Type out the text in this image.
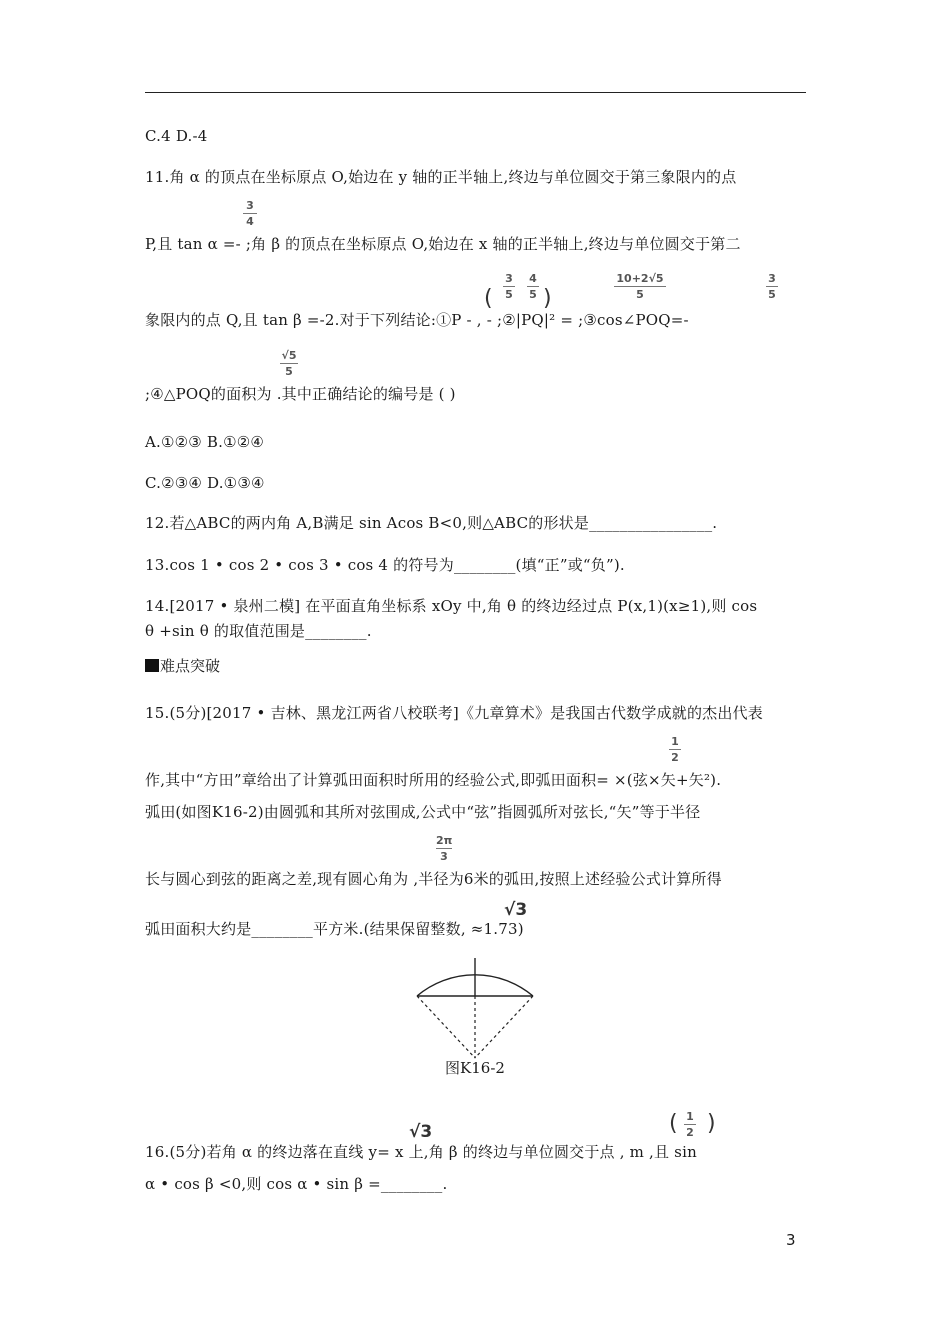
C.4 D.-4
11.角 α 的顶点在坐标原点 O,始边在 y 轴的正半轴上,终边与单位圆交于第三象限内的点
3
4
P,且 tan α =- ;角 β 的顶点在坐标原点 O,始边在 x 轴的正半轴上,终边与单位圆交于第二
(
3
5
4
5 )
10+2√5
5
3
5
象限内的点 Q,且 tan β =-2.对于下列结论:①P - , - ;②|PQ|² = ;③cos∠POQ=-
√5
5
;④△POQ的面积为 .其中正确结论的编号是 ( )
A.①②③ B.①②④
C.②③④ D.①③④
12.若△ABC的两内角 A,B满足 sin Acos B<0,则△ABC的形状是________________.
13.cos 1 • cos 2 • cos 3 • cos 4 的符号为________(填“正”或“负”).
14.[2017 • 泉州二模] 在平面直角坐标系 xOy 中,角 θ 的终边经过点 P(x,1)(x≥1),则 cos
θ +sin θ 的取值范围是________.
难点突破
15.(5分)[2017 • 吉林、黑龙江两省八校联考]《九章算术》是我国古代数学成就的杰出代表
1
2
作,其中“方田”章给出了计算弧田面积时所用的经验公式,即弧田面积= ×(弦×矢+矢²).
弧田(如图K16-2)由圆弧和其所对弦围成,公式中“弦”指圆弧所对弦长,“矢”等于半径
2π
3
长与圆心到弦的距离之差,现有圆心角为 ,半径为6米的弧田,按照上述经验公式计算所得
√3
弧田面积大约是________平方米.(结果保留整数, ≈1.73)
图K16-2
√3	( 1
2 )
16.(5分)若角 α 的终边落在直线 y= x 上,角 β 的终边与单位圆交于点 , m ,且 sin
α • cos β <0,则 cos α • sin β =________.
3
